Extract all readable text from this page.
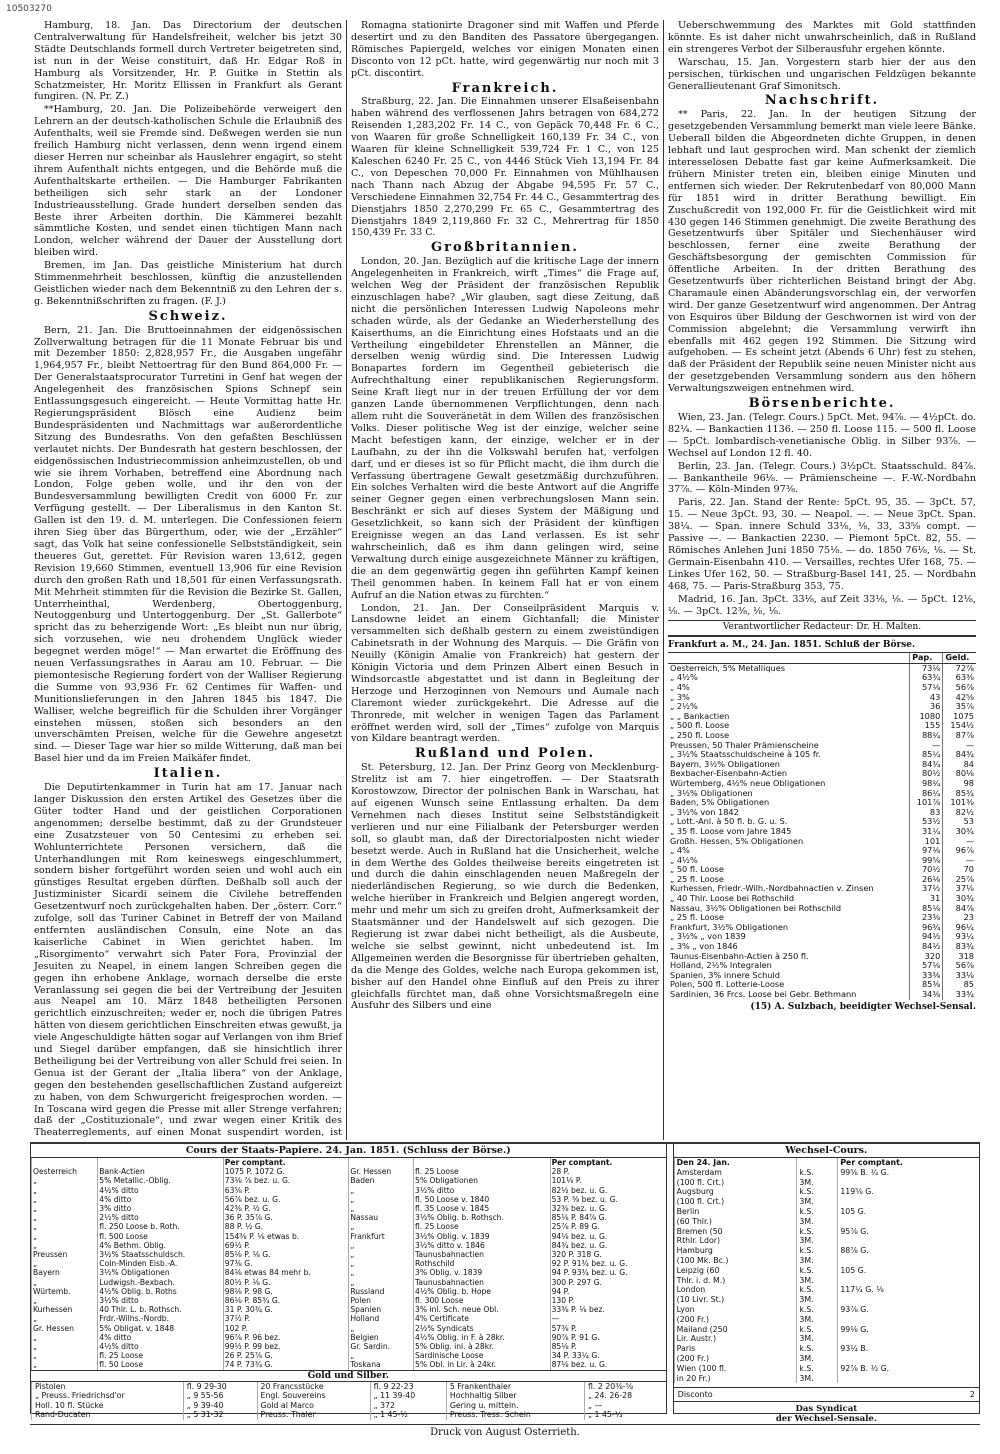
10503270

Hamburg, 18. Jan. Das Directorium der deutschen Centralverwaltung für Handelsfreiheit, welcher bis jetzt 30 Städte Deutschlands formell durch Vertreter beigetreten sind, ist nun in der Weise constituirt, daß Hr. Edgar Roß in Hamburg als Vorsitzender, Hr. P. Guitke in Stettin als Schatzmeister, Hr. Moritz Ellissen in Frankfurt als Gerant fungiren. (N. Pr. Z.)

**Hamburg, 20. Jan. Die Polizeibehörde verweigert den Lehrern an der deutsch-katholischen Schule die Erlaubniß des Aufenthalts, weil sie Fremde sind. Deßwegen werden sie nun freilich Hamburg nicht verlassen, denn wenn irgend einem dieser Herren nur scheinbar als Hauslehrer engagirt, so steht ihrem Aufenthalt nichts entgegen, und die Behörde muß die Aufenthaltskarte ertheilen. — Die Hamburger Fabrikanten betheiligen sich sehr stark an der Londoner Industrieausstellung. Grade hundert derselben senden das Beste ihrer Arbeiten dorthin. Die Kämmerei bezahlt sämmtliche Kosten, und sendet einen tüchtigen Mann nach London, welcher während der Dauer der Ausstellung dort bleiben wird.

Bremen, im Jan. Das geistliche Ministerium hat durch Stimmenmehrheit beschlossen, künftig die anzustellenden Geistlichen wieder nach dem Bekenntniß zu den Lehren der s. g. Bekenntnißschriften zu fragen. (F. J.)

Schweiz.

Bern, 21. Jan. Die Bruttoeinnahmen der eidgenössischen Zollverwaltung betragen für die 11 Monate Februar bis und mit Dezember 1850: 2,828,957 Fr., die Ausgaben ungefähr 1,964,957 Fr., bleibt Nettoertrag für den Bund 864,000 Fr. — Der Generalstaatsprocurator Turretini in Genf hat wegen der Angelegenheit des französischen Spions Schnepf sein Entlassungsgesuch eingereicht. — Heute Vormittag hatte Hr. Regierungspräsident Blösch eine Audienz beim Bundespräsidenten und Nachmittags war außerordentliche Sitzung des Bundesraths. Von den gefaßten Beschlüssen verlautet nichts. Der Bundesrath hat gestern beschlossen, der eidgenössischen Industriecommission anheimzustellen, ob und wie sie ihrem Vorhaben, betreffend eine Abordnung nach London, Folge geben wolle, und ihr den von der Bundesversammlung bewilligten Credit von 6000 Fr. zur Verfügung gestellt. — Der Liberalismus in den Kanton St. Gallen ist den 19. d. M. unterlegen. Die Confessionen feiern ihren Sieg über das Bürgerthum, oder, wie der „Erzähler“ sagt, das Volk hat seine confessionelle Selbstständigkeit, sein theueres Gut, gerettet. Für Revision waren 13,612, gegen Revision 19,660 Stimmen, eventuell 13,906 für eine Revision durch den großen Rath und 18,501 für einen Verfassungsrath. Mit Mehrheit stimmten für die Revision die Bezirke St. Gallen, Unterrheinthal, Werdenberg, Obertoggenburg, Neutoggenburg und Untertoggenburg. Der „St. Gallerbote“ spricht das zu beherzigende Wort: „Es bleibt nun nur übrig, sich vorzusehen, wie neu drohendem Unglück wieder begegnet werden möge!“ — Man erwartet die Eröffnung des neuen Verfassungsrathes in Aarau am 10. Februar. — Die piemontesische Regierung fordert von der Walliser Regierung die Summe von 93,936 Fr. 62 Centimes für Waffen- und Munitionslieferungen in den Jahren 1845 bis 1847. Die Walliser, welche begreiflich für die Schulden ihrer Vorgänger einstehen müssen, stoßen sich besonders an den unverschämten Preisen, welche für die Gewehre angesetzt sind. — Dieser Tage war hier so milde Witterung, daß man bei Basel hier und da im Freien Maikäfer findet.

Italien.

Die Deputirtenkammer in Turin hat am 17. Januar nach langer Diskussion den ersten Artikel des Gesetzes über die Güter todter Hand und der geistlichen Corporationen angenommen; derselbe bestimmt, daß zu der Grundsteuer eine Zusatzsteuer von 50 Centesimi zu erheben sei. Wohlunterrichtete Personen versichern, daß die Unterhandlungen mit Rom keineswegs eingeschlummert, sondern bisher fortgeführt worden seien und wohl auch ein günstiges Resultat ergeben dürften. Deßhalb soll auch der Justizminister Sicardi seinem die Civilehe betreffenden Gesetzentwurf noch zurückgehalten haben. Der „österr. Corr.“ zufolge, soll das Turiner Cabinet in Betreff der von Mailand entfernten ausländischen Consuln, eine Note an das kaiserliche Cabinet in Wien gerichtet haben. Im „Risorgimento“ verwahrt sich Pater Fora, Provinzial der Jesuiten zu Neapel, in einem langen Schreiben gegen die gegen ihn erhobene Anklage, wornach derselbe die erste Veranlassung sei gegen die bei der Vertreibung der Jesuiten aus Neapel am 10. März 1848 betheiligten Personen gerichtlich einzuschreiten; weder er, noch die übrigen Patres hätten von diesem gerichtlichen Einschreiten etwas gewußt, ja viele Angeschuldigte hätten sogar auf Verlangen von ihm Brief und Siegel darüber empfangen, daß sie hinsichtlich ihrer Betheiligung bei der Vertreibung von aller Schuld frei seien. In Genua ist der Gerant der „Italia libera“ von der Anklage, gegen den bestehenden gesellschaftlichen Zustand aufgereizt zu haben, von dem Schwurgericht freigesprochen worden. — In Toscana wird gegen die Presse mit aller Strenge verfahren; daß der „Costituzionale“, und zwar wegen einer Kritik des Theaterreglements, auf einen Monat suspendirt worden, ist

Romagna stationirte Dragoner sind mit Waffen und Pferde desertirt und zu den Banditen des Passatore übergegangen. Römisches Papiergeld, welches vor einigen Monaten einen Disconto von 12 pCt. hatte, wird gegenwärtig nur noch mit 3 pCt. discontirt.

Frankreich.

Straßburg, 22. Jan. Die Einnahmen unserer Elsaßeisenbahn haben während des verflossenen Jahrs betragen von 684,272 Reisenden 1,283,202 Fr. 14 C., von Gepäck 70,448 Fr. 6 C., von Waaren für große Schnelligkeit 160,139 Fr. 34 C., von Waaren für kleine Schnelligkeit 539,724 Fr. 1 C., von 125 Kaleschen 6240 Fr. 25 C., von 4446 Stück Vieh 13,194 Fr. 84 C., von Depeschen 70,000 Fr. Einnahmen von Mühlhausen nach Thann nach Abzug der Abgabe 94,595 Fr. 57 C., Verschiedene Einnahmen 32,754 Fr. 44 C., Gesammtertrag des Dienstjahrs 1850 2,270,299 Fr. 65 C., Gesammtertrag des Dienstjahrs 1849 2,119,860 Fr. 32 C., Mehrertrag für 1850 150,439 Fr. 33 C.

Großbritannien.

London, 20. Jan. Bezüglich auf die kritische Lage der innern Angelegenheiten in Frankreich, wirft „Times“ die Frage auf, welchen Weg der Präsident der französischen Republik einzuschlagen habe? „Wir glauben, sagt diese Zeitung, daß nicht die persönlichen Interessen Ludwig Napoleons mehr schaden würde, als der Gedanke an Wiederherstellung des Kaiserthums, an die Einrichtung eines Hofstaats und an die Vertheilung eingebildeter Ehrenstellen an Männer, die derselben wenig würdig sind. Die Interessen Ludwig Bonapartes fordern im Gegentheil gebieterisch die Aufrechthaltung einer republikanischen Regierungsform. Seine Kraft liegt nur in der treuen Erfüllung der vor dem ganzen Lande übernommenen Verpflichtungen, denn nach allem ruht die Souveränetät in dem Willen des französischen Volks. Dieser politische Weg ist der einzige, welcher seine Macht befestigen kann, der einzige, welcher er in der Laufbahn, zu der ihn die Volkswahl berufen hat, verfolgen darf, und er dieses ist so für Pflicht macht, die ihm durch die Verfassung übertragene Gewalt gesetzmäßig durchzuführen. Ein solches Verhalten wird die beste Antwort auf die Angriffe seiner Gegner gegen einen verbrechungslosen Mann sein. Beschränkt er sich auf dieses System der Mäßigung und Gesetzlichkeit, so kann sich der Präsident der künftigen Ereignisse wegen an das Land verlassen. Es ist sehr wahrscheinlich, daß es ihm dann gelingen wird, seine Verwaltung durch einige ausgezeichnete Männer zu kräftigen, die an dem gegenwärtig gegen ihn geführten Kampf keinen Theil genommen haben. In keinem Fall hat er von einem Aufruf an die Nation etwas zu fürchten.“

London, 21. Jan. Der Conseilpräsident Marquis v. Lansdowne leidet an einem Gichtanfall; die Minister versammelten sich deßhalb gestern zu einem zweistündigen Cabinetsrath in der Wohnung des Marquis. — Die Gräfin von Neuilly (Königin Amalie von Frankreich) hat gestern der Königin Victoria und dem Prinzen Albert einen Besuch in Windsorcastle abgestattet und ist dann in Begleitung der Herzoge und Herzoginnen von Nemours und Aumale nach Claremont wieder zurückgekehrt. Die Adresse auf die Thronrede, mit welcher in wenigen Tagen das Parlament eröffnet werden wird, soll der „Times“ zufolge von Marquis von Kildare beantragt werden.

Rußland und Polen.

St. Petersburg, 12. Jan. Der Prinz Georg von Mecklenburg-Strelitz ist am 7. hier eingetroffen. — Der Staatsrath Korostowzow, Director der polnischen Bank in Warschau, hat auf eigenen Wunsch seine Entlassung erhalten. Da dem Vernehmen nach dieses Institut seine Selbstständigkeit verlieren und nur eine Filialbank der Petersburger werden soll, so glaubt man, daß der Directorialposten nicht wieder besetzt werde. Auch in Rußland hat die Unsicherheit, welche in dem Werthe des Goldes theilweise bereits eingetreten ist und durch die dahin einschlagenden neuen Maßregeln der niederländischen Regierung, so wie durch die Bedenken, welche hierüber in Frankreich und Belgien angeregt worden, mehr und mehr um sich zu greifen droht, Aufmerksamkeit der Staatsmänner und der Handelswelt auf sich gezogen. Die Regierung ist zwar dabei nicht betheiligt, als die Ausbeute, welche sie selbst gewinnt, nicht unbedeutend ist. Im Allgemeinen werden die Besorgnisse für übertrieben gehalten, da die Menge des Goldes, welche nach Europa gekommen ist, bisher auf den Handel ohne Einfluß auf den Preis zu ihrer gleichfalls fürchtet man, daß ohne Vorsichtsmaßregeln eine Ausfuhr des Silbers und eine

Ueberschwemmung des Marktes mit Gold stattfinden könnte. Es ist daher nicht unwahrscheinlich, daß in Rußland ein strengeres Verbot der Silberausfuhr ergehen könnte.

Warschau, 15. Jan. Vorgestern starb hier der aus den persischen, türkischen und ungarischen Feldzügen bekannte Generallieutenant Graf Simonitsch.

Nachschrift.

** Paris, 22. Jan. In der heutigen Sitzung der gesetzgebenden Versammlung bemerkt man viele leere Bänke. Ueberall bilden die Abgeordneten dichte Gruppen, in denen lebhaft und laut gesprochen wird. Man schenkt der ziemlich interesselosen Debatte fast gar keine Aufmerksamkeit. Die frühern Minister treten ein, bleiben einige Minuten und entfernen sich wieder. Der Rekrutenbedarf von 80,000 Mann für 1851 wird in dritter Berathung bewilligt. Ein Zuschußcredit von 192,000 Fr. für die Geistlichkeit wird mit 430 gegen 146 Stimmen genehmigt. Die zweite Berathung des Gesetzentwurfs über Spitäler und Siechenhäuser wird beschlossen, ferner eine zweite Berathung der Geschäftsbesorgung der gemischten Commission für öffentliche Arbeiten. In der dritten Berathung des Gesetzentwurfs über richterlichen Beistand bringt der Abg. Charamaule einen Abänderungsvorschlag ein, der verworfen wird. Der ganze Gesetzentwurf wird angenommen. Der Antrag von Esquiros über Bildung der Geschwornen ist wird von der Commission abgelehnt; die Versammlung verwirft ihn ebenfalls mit 462 gegen 192 Stimmen. Die Sitzung wird aufgehoben. — Es scheint jetzt (Abends 6 Uhr) fest zu stehen, daß der Präsident der Republik seine neuen Minister nicht aus der gesetzgebenden Versammlung sondern aus den höhern Verwaltungszweigen entnehmen wird.

Börsenberichte.

Wien, 23. Jan. (Telegr. Cours.) 5pCt. Met. 94⅞. — 4½pCt. do. 82¼. — Bankactien 1136. — 250 fl. Loose 115. — 500 fl. Loose — 5pCt. lombardisch-venetianische Oblig. in Silber 93⅞. — Wechsel auf London 12 fl. 40.

Berlin, 23. Jan. (Telegr. Cours.) 3½pCt. Staatsschuld. 84⅞. — Bankantheile 96⅛. — Prämienscheine —. F.-W.-Nordbahn 37⅞. — Köln-Minden 97⅜.

Paris, 22. Jan. Stand der Rente: 5pCt. 95, 35. — 3pCt. 57, 15. — Neue 3pCt. 93, 30. — Neapol. —. — Neue 3pCt. Span. 38¼. — Span. innere Schuld 33⅛, ⅛, 33, 33⅝ compt. — Passive —. — Bankactien 2230. — Piemont 5pCt. 82, 55. — Römisches Anlehen Juni 1850 75⅛. — do. 1850 76⅛, ⅛. — St. Germain-Eisenbahn 410. — Versailles, rechtes Ufer 168, 75. — Linkes Ufer 162, 50. — Straßburg-Basel 141, 25. — Nordbahn 468, 75. — Paris-Straßburg 353, 75.

Madrid, 16. Jan. 3pCt. 33⅛, auf Zeit 33⅛, ⅛. — 5pCt. 12⅛, ⅛. — 3pCt. 12⅜, ⅛, ⅛.

Verantwortlicher Redacteur: Dr. H. Malten.
Frankfurt a. M., 24. Jan. 1851. Schluß der Börse.
	Pap.	Geld.
Oesterreich, 5% Metalliques	73⅛	72⅞
„ 4½%	63¾	63⅜
„ 4%	57⅛	56⅞
„ 3%	43	42⅝
„ 2½%	36	35⅞
„ „ Bankactien	1080	1075
„ 500 fl. Loose	155	154½
„ 250 fl. Loose	88¼	87⅞
Preussen, 50 Thaler Prämienscheine	—	—
„ 3½% Staatsschuldscheine à 105 fr.	85¼	84¾
Bayern, 3½% Obligationen	84¾	84
Bexbacher-Eisenbahn-Actien	80½	80⅛
Würtemberg, 4½% neue Obligationen	98¼	98
„ 3½% Obligationen	86¼	85¾
Baden, 5% Obligationen	101⅞	101⅜
„ 3½% von 1842	83	82½
„ Lott.-Anl. à 50 fl. b. G. u. S.	53½	53
„ 35 fl. Loose vom Jahre 1845	31¼	30¾
Großh. Hessen, 5% Obligationen	101	—
„ 4%	97⅛	96⅞
„ 4½%	99⅝	—
„ 50 fl. Loose	70½	70
„ 25 fl. Loose	26⅛	25⅞
Kurhessen, Friedr.-Wilh.-Nordbahnactien v. Zinsen	37½	37⅛
„ 40 Thlr. Loose bei Rothschild	31	30¾
Nassau, 3½% Obligationen bei Rothschild	85⅛	84⅞
„ 25 fl. Loose	23⅜	23
Frankfurt, 3½% Obligationen	96¾	96¼
„ 3½% „ von 1839	94½	93¼
„ 3% „ von 1846	84½	83¾
Taunus-Eisenbahn-Actien à 250 fl.	320	318
Holland, 2½% Integralen	57⅛	56⅞
Spanien, 3% innere Schuld	33⅜	33⅛
Polen, 500 fl. Lotterie-Loose	85⅜	85
Sardinien, 36 Frcs. Loose bei Gebr. Bethmann	34⅜	33¾
(15) A. Sulzbach, beeidigter Wechsel-Sensal.
Cours der Staats-Papiere. 24. Jan. 1851. (Schluss der Börse.)
		Per comptant.
Oesterreich	Bank-Actien	1075 P. 1072 G.
„	5% Metallic.-Oblig.	73⅛ ⅞ bez. u. G.
„	4½% ditto	63⅝ P.
„	4% ditto	56⅞ bez. u. G.
„	3% ditto	42⅜ P. ½ G.
„	2½% ditto	36 P. 35⅞ G.
„	fl. 250 Loose b. Roth.	88 P. ½ G.
„	fl. 500 Loose	154⅜ P. ⅛ etwas b.
„	4% Bethm. Oblig.	69½ P.
Preussen	3½% Staatsschuldsch.	85⅛ P. ⅛ G.
„	Coln-Minden Eisb.-A.	97⅜ G.
Bayern	3½% Obligationen	84⅛ etwas 84 mehr b.
„	Ludwigsh.-Bexbach.	80½ P. ⅛ G.
Würtemb.	4½% Oblig. b. Roths	98⅛ P. 98 G.
„	3½% ditto	86⅛ P. 85¾ G.
Kurhessen	40 Thlr. L. b. Rothsch.	31 P. 30¾ G.
„	Frdr.-Wilhs.-Nordb.	37½ P.
Gr. Hessen	5% Obligat. v. 1848	102 P.
„	4% ditto	96⅞ P. 96 bez.
„	4½% ditto	99½ P. 99 bez.
„	fl. 25 Loose	26 P. 25⅞ G.
„	fl. 50 Loose	74 P. 73¾ G.
		Per comptant.
Gr. Hessen	fl. 25 Loose	28 P.
Baden	5% Obligationen	101⅛ P.
„	3½% ditto	82½ bez. u. G.
„	fl. 50 Loose v. 1840	53 P. ⅜ bez. u. G.
„	fl. 35 Loose v. 1845	32⅜ bez. u. G.
Nassau	3½% Oblig. b. Rothsch.	85⅛ P. 84⅞ G.
„	fl. 25 Loose	25⅞ P. 89 G.
Frankfurt	3½% Oblig. v. 1839	94⅛ bez. u. G.
„	3½% ditto v. 1846	84¾ bez. u. G.
„	Taunusbahnactien	320 P. 318 G.
„	Rothschild	92 P. 91¾ bez. u. G.
„	3% Oblig. v. 1839	94 P. 93¾ bez. u. G.
„	Taunusbahnactien	300 P. 297 G.
Russland	4½% Oblig. b. Hope	94 P.
Polen	fl. 300 Loose	130 P.
Spanien	3% inl. Sch. neue Obl.	33⅜ P. ⅛ bez.
Holland	4% Certificate	—
„	2½% Syndicats	57⅜ P.
Belgien	4½% Oblig. in F. à 28kr.	90⅞ P. 91 G.
Gr. Sardin.	5% Oblig. inl. à 28kr.	85⅛ P.
„	Sardinische Loose	34 P. 33¼ G.
Toskana	5% Obl. in Lir. à 24kr.	87⅛ bez. u. G.
Gold und Silber.
Pistolen	fl. 9 29-30	20 Francsstücke	fl. 9 22-23	5 Frankenthaler	fl. 2 20⅜-⅝
„ Preuss. Friedrichsd'or	„ 9 55-56	Engl. Souvereins	„ 11 39-40	Hochhaltig Silber	„ 24. 26-28
Holl. 10 fl. Stücke	„ 9 39-40	Gold al Marco	„ 372	Gering u. mitteln.	„ —
Rand-Ducaten	„ 5 31-32	Preuss. Thaler	„ 1 45-½	Preuss. Tress. Schein	„ 1 45-¼
Wechsel-Cours.
Den 24. Jan.		Per comptant.
Amsterdam	k.S.	99⅝ B. ¼ G.
(100 fl. Crt.)	3M.	
Augsburg	k.S.	119⅝ G.
(100 fl. Crt.)	3M.	
Berlin	k.S.	105 G.
(60 Thlr.)	3M.	
Bremen (50	k.S.	95⅞ G.
Rthlr. Ldor)	3M.	
Hamburg	k.S.	88⅞ G.
(100 Mk. Bc.)	3M.	
Leipzig (60	k.S.	105 G.
Thlr. i. d. M.)	3M.	
London	k.S.	117¼ G. ⅛
(10 Livr. St.)	3M.	
Lyon	k.S.	93⅞ G.
(200 Fr.)	3M.	
Mailand (250	k.S.	99⅛ G.
Lir. Austr.)	3M.	
Paris	k.S.	93¼ B.
(200 Fr.)	3M.	
Wien (100 fl.	k.S.	92⅞ B. ½ G.
in 20 Fr.)	3M.	
Disconto	2
Das Syndicat
der Wechsel-Sensale.
Druck von August Osterrieth.
